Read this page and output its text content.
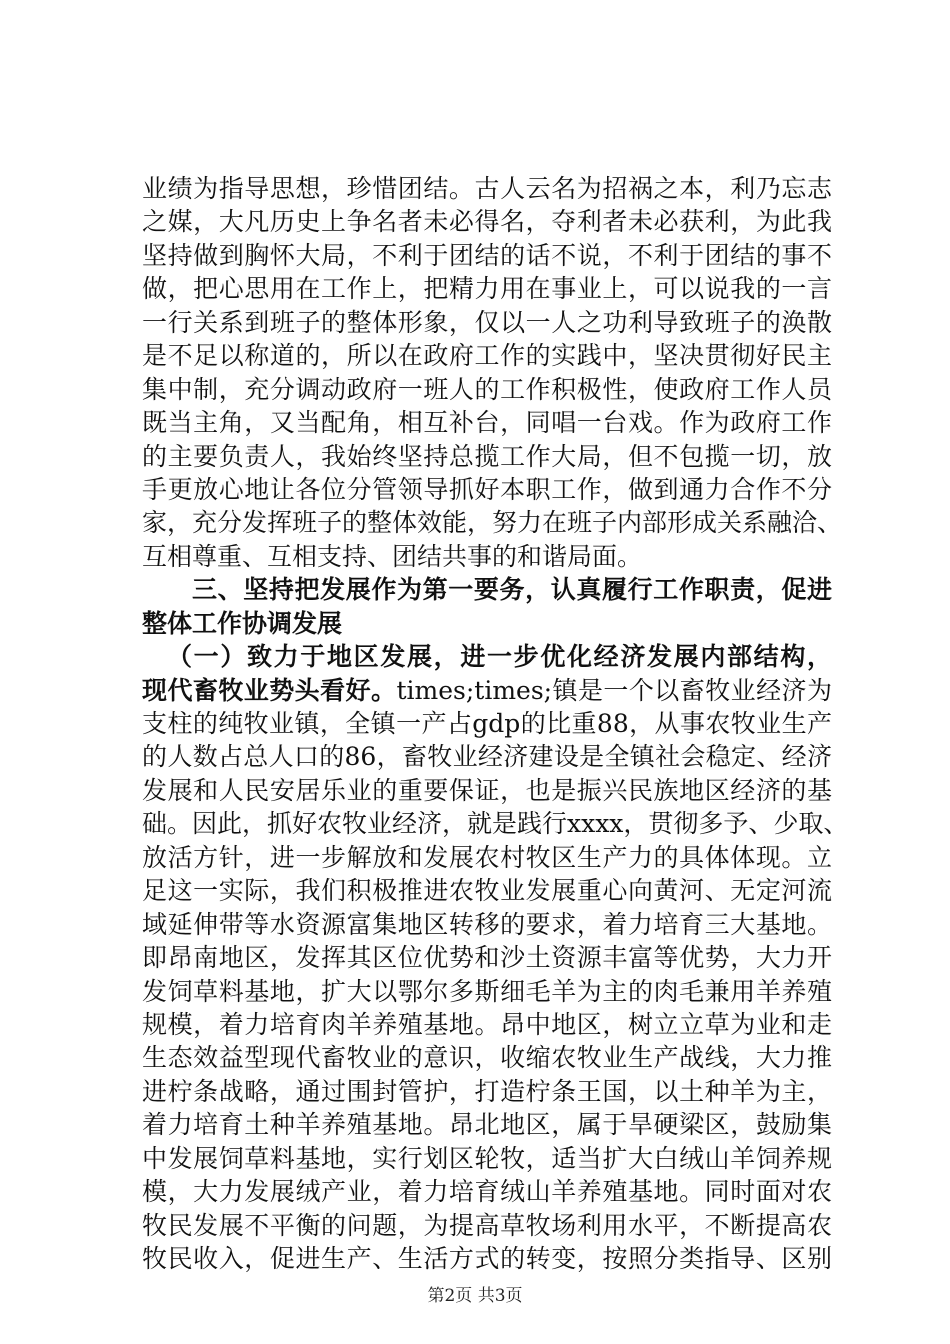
业绩为指导思想，珍惜团结。古人云名为招祸之本，利乃忘志
之媒，大凡历史上争名者未必得名，夺利者未必获利，为此我
坚持做到胸怀大局，不利于团结的话不说，不利于团结的事不
做，把心思用在工作上，把精力用在事业上，可以说我的一言
一行关系到班子的整体形象，仅以一人之功利导致班子的涣散
是不足以称道的，所以在政府工作的实践中，坚决贯彻好民主
集中制，充分调动政府一班人的工作积极性，使政府工作人员
既当主角，又当配角，相互补台，同唱一台戏。作为政府工作
的主要负责人，我始终坚持总揽工作大局，但不包揽一切，放
手更放心地让各位分管领导抓好本职工作，做到通力合作不分
家，充分发挥班子的整体效能，努力在班子内部形成关系融洽、
互相尊重、互相支持、团结共事的和谐局面。
三、坚持把发展作为第一要务，认真履行工作职责，促进
整体工作协调发展
（一）致力于地区发展，进一步优化经济发展内部结构，
现代畜牧业势头看好。times;times;镇是一个以畜牧业经济为
支柱的纯牧业镇，全镇一产占gdp的比重88，从事农牧业生产
的人数占总人口的86，畜牧业经济建设是全镇社会稳定、经济
发展和人民安居乐业的重要保证，也是振兴民族地区经济的基
础。因此，抓好农牧业经济，就是践行xxxx，贯彻多予、少取、
放活方针，进一步解放和发展农村牧区生产力的具体体现。立
足这一实际，我们积极推进农牧业发展重心向黄河、无定河流
域延伸带等水资源富集地区转移的要求，着力培育三大基地。
即昂南地区，发挥其区位优势和沙土资源丰富等优势，大力开
发饲草料基地，扩大以鄂尔多斯细毛羊为主的肉毛兼用羊养殖
规模，着力培育肉羊养殖基地。昂中地区，树立立草为业和走
生态效益型现代畜牧业的意识，收缩农牧业生产战线，大力推
进柠条战略，通过围封管护，打造柠条王国，以土种羊为主，
着力培育土种羊养殖基地。昂北地区，属于旱硬梁区，鼓励集
中发展饲草料基地，实行划区轮牧，适当扩大白绒山羊饲养规
模，大力发展绒产业，着力培育绒山羊养殖基地。同时面对农
牧民发展不平衡的问题，为提高草牧场利用水平，不断提高农
牧民收入，促进生产、生活方式的转变，按照分类指导、区别
第2页 共3页
